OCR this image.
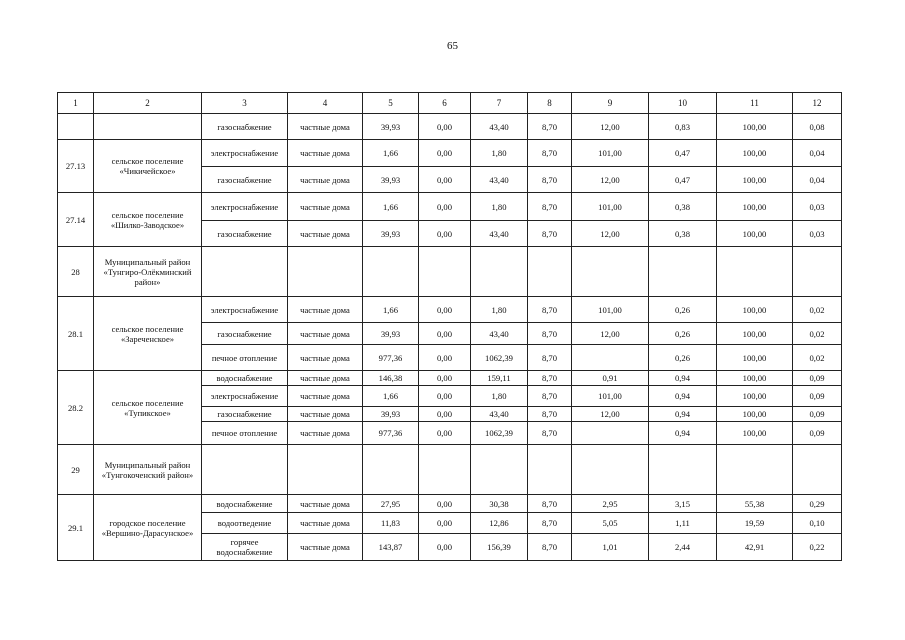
65
1	2	3	4	5	6	7	8	9	10	11	12
		газоснабжение	частные дома	39,93	0,00	43,40	8,70	12,00	0,83	100,00	0,08
27.13	сельское поселение «Чикичейское»	электроснабжение	частные дома	1,66	0,00	1,80	8,70	101,00	0,47	100,00	0,04
		газоснабжение	частные дома	39,93	0,00	43,40	8,70	12,00	0,47	100,00	0,04
27.14	сельское поселение «Шилко-Заводское»	электроснабжение	частные дома	1,66	0,00	1,80	8,70	101,00	0,38	100,00	0,03
		газоснабжение	частные дома	39,93	0,00	43,40	8,70	12,00	0,38	100,00	0,03
28	Муниципальный район «Тунгиро-Олёкминский район»										
28.1	сельское поселение «Зареченское»	электроснабжение	частные дома	1,66	0,00	1,80	8,70	101,00	0,26	100,00	0,02
		газоснабжение	частные дома	39,93	0,00	43,40	8,70	12,00	0,26	100,00	0,02
		печное отопление	частные дома	977,36	0,00	1062,39	8,70		0,26	100,00	0,02
28.2	сельское поселение «Тупикское»	водоснабжение	частные дома	146,38	0,00	159,11	8,70	0,91	0,94	100,00	0,09
		электроснабжение	частные дома	1,66	0,00	1,80	8,70	101,00	0,94	100,00	0,09
		газоснабжение	частные дома	39,93	0,00	43,40	8,70	12,00	0,94	100,00	0,09
		печное отопление	частные дома	977,36	0,00	1062,39	8,70		0,94	100,00	0,09
29	Муниципальный район «Тунгокоченский район»										
29.1	городское поселение «Вершино-Дарасунское»	водоснабжение	частные дома	27,95	0,00	30,38	8,70	2,95	3,15	55,38	0,29
		водоотведение	частные дома	11,83	0,00	12,86	8,70	5,05	1,11	19,59	0,10
		горячее водоснабжение	частные дома	143,87	0,00	156,39	8,70	1,01	2,44	42,91	0,22
